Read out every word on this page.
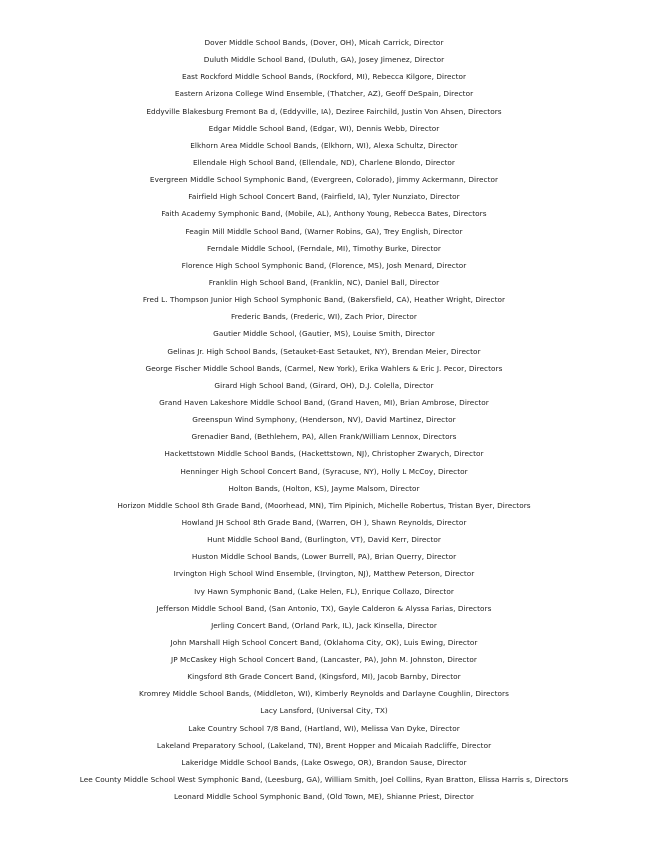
Dover Middle School Bands, (Dover, OH), Micah Carrick, Director
Duluth Middle School Band, (Duluth, GA), Josey Jimenez, Director
East Rockford Middle School Bands, (Rockford, MI), Rebecca Kilgore, Director
Eastern Arizona College Wind Ensemble, (Thatcher, AZ), Geoff DeSpain, Director
Eddyville Blakesburg Fremont Ba d, (Eddyville, IA), Deziree Fairchild, Justin Von Ahsen, Directors
Edgar Middle School Band, (Edgar, WI), Dennis Webb, Director
Elkhorn Area Middle School Bands, (Elkhorn, WI), Alexa Schultz, Director
Ellendale High School Band, (Ellendale, ND), Charlene Blondo, Director
Evergreen Middle School Symphonic Band, (Evergreen, Colorado), Jimmy Ackermann, Director
Fairfield High School Concert Band, (Fairfield, IA), Tyler Nunziato, Director
Faith Academy Symphonic Band, (Mobile, AL), Anthony Young, Rebecca Bates, Directors
Feagin Mill Middle School Band, (Warner Robins, GA), Trey English, Director
Ferndale Middle School, (Ferndale, MI), Timothy Burke, Director
Florence High School Symphonic Band, (Florence, MS), Josh Menard, Director
Franklin High School Band, (Franklin, NC), Daniel Ball, Director
Fred L. Thompson Junior High School Symphonic Band, (Bakersfield, CA), Heather Wright, Director
Frederic Bands, (Frederic, WI), Zach Prior, Director
Gautier Middle School, (Gautier, MS), Louise Smith, Director
Gelinas Jr. High School Bands, (Setauket-East Setauket, NY), Brendan Meier, Director
George Fischer Middle School Bands, (Carmel, New York), Erika Wahlers & Eric J. Pecor, Directors
Girard High School Band, (Girard, OH), D.J. Colella, Director
Grand Haven Lakeshore Middle School Band, (Grand Haven, MI), Brian Ambrose, Director
Greenspun Wind Symphony, (Henderson, NV), David Martinez, Director
Grenadier Band, (Bethlehem, PA), Allen Frank/William Lennox, Directors
Hackettstown Middle School Bands, (Hackettstown, NJ), Christopher Zwarych, Director
Henninger High School Concert Band, (Syracuse, NY), Holly L McCoy, Director
Holton Bands, (Holton, KS), Jayme Malsom, Director
Horizon Middle School 8th Grade Band, (Moorhead, MN), Tim Pipinich, Michelle Robertus, Tristan Byer, Directors
Howland JH School 8th Grade Band, (Warren, OH ), Shawn Reynolds, Director
Hunt Middle School Band, (Burlington, VT), David Kerr, Director
Huston Middle School Bands, (Lower Burrell, PA), Brian Querry, Director
Irvington High School Wind Ensemble, (Irvington, NJ), Matthew Peterson, Director
Ivy Hawn Symphonic Band, (Lake Helen, FL), Enrique Collazo, Director
Jefferson Middle School Band, (San Antonio, TX), Gayle Calderon & Alyssa Farias, Directors
Jerling Concert Band, (Orland Park, IL), Jack Kinsella, Director
John Marshall High School Concert Band, (Oklahoma City, OK), Luis Ewing, Director
JP McCaskey High School Concert Band, (Lancaster, PA), John M. Johnston, Director
Kingsford 8th Grade Concert Band, (Kingsford, MI), Jacob Barnby, Director
Kromrey Middle School Bands, (Middleton, WI), Kimberly Reynolds and Darlayne Coughlin, Directors
Lacy Lansford, (Universal City, TX)
Lake Country School 7/8 Band, (Hartland, WI), Melissa Van Dyke, Director
Lakeland Preparatory School, (Lakeland, TN), Brent Hopper and Micaiah Radcliffe, Director
Lakeridge Middle School Bands, (Lake Oswego, OR), Brandon Sause, Director
Lee County Middle School West Symphonic Band, (Leesburg, GA), William Smith, Joel Collins, Ryan Bratton, Elissa Harris s, Directors
Leonard Middle School Symphonic Band, (Old Town, ME), Shianne Priest, Director
